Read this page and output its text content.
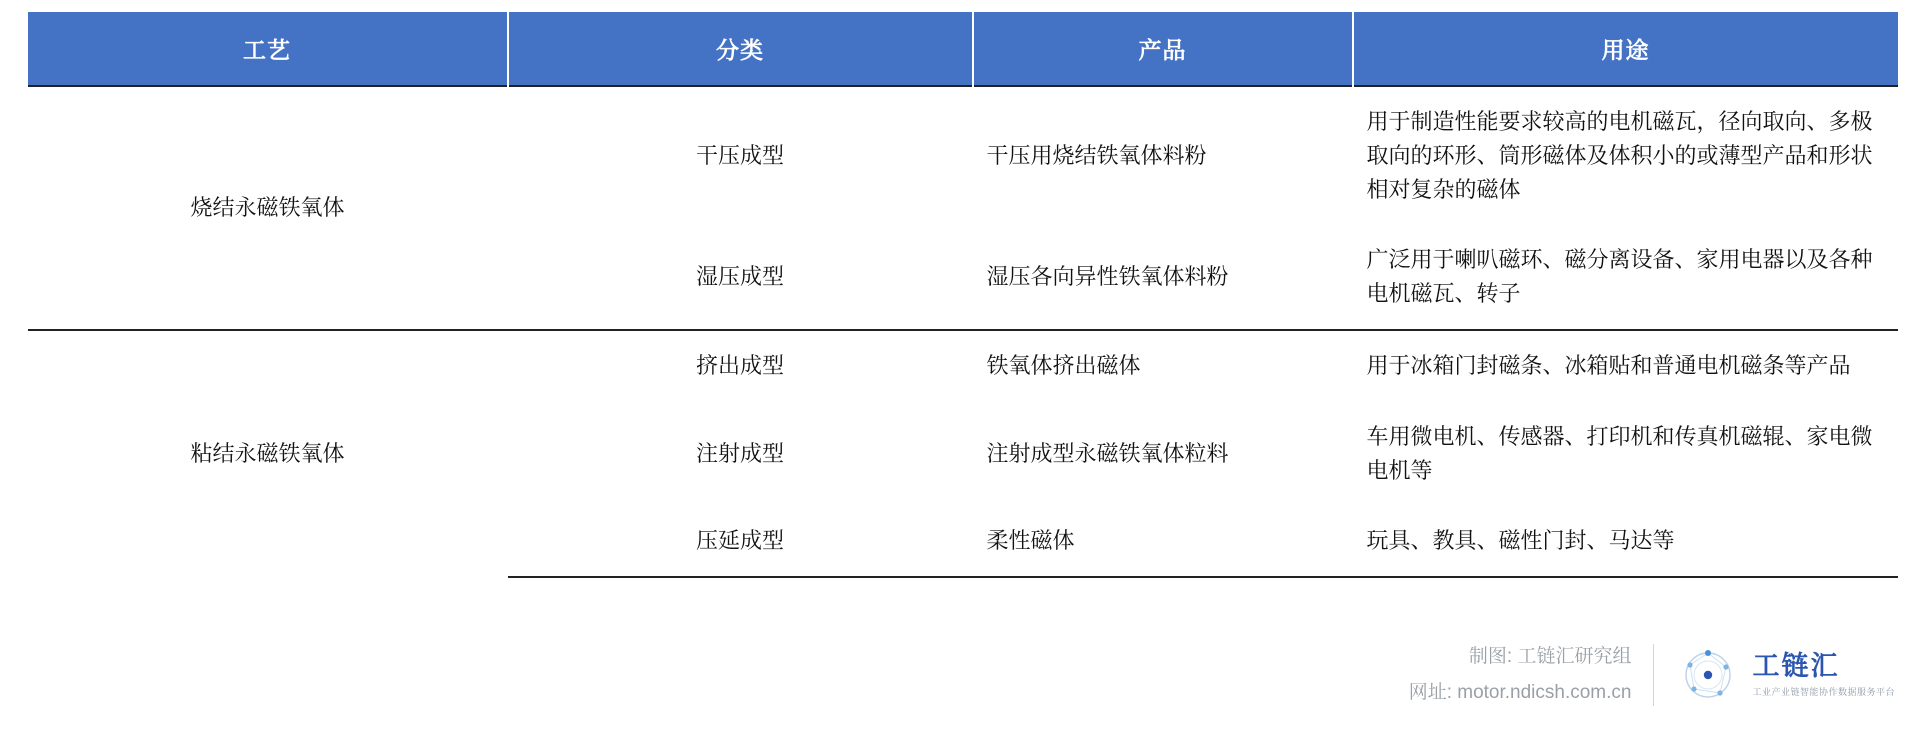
工艺	分类	产品	用途
烧结永磁铁氧体	干压成型	干压用烧结铁氧体料粉	用于制造性能要求较高的电机磁瓦，径向取向、多极取向的环形、筒形磁体及体积小的或薄型产品和形状相对复杂的磁体
	湿压成型	湿压各向异性铁氧体料粉	广泛用于喇叭磁环、磁分离设备、家用电器以及各种电机磁瓦、转子
粘结永磁铁氧体	挤出成型	铁氧体挤出磁体	用于冰箱门封磁条、冰箱贴和普通电机磁条等产品
	注射成型	注射成型永磁铁氧体粒料	车用微电机、传感器、打印机和传真机磁辊、家电微电机等
	压延成型	柔性磁体	玩具、教具、磁性门封、马达等
制图: 工链汇研究组
网址: motor.ndicsh.com.cn
工链汇
工业产业链智能协作数据服务平台
